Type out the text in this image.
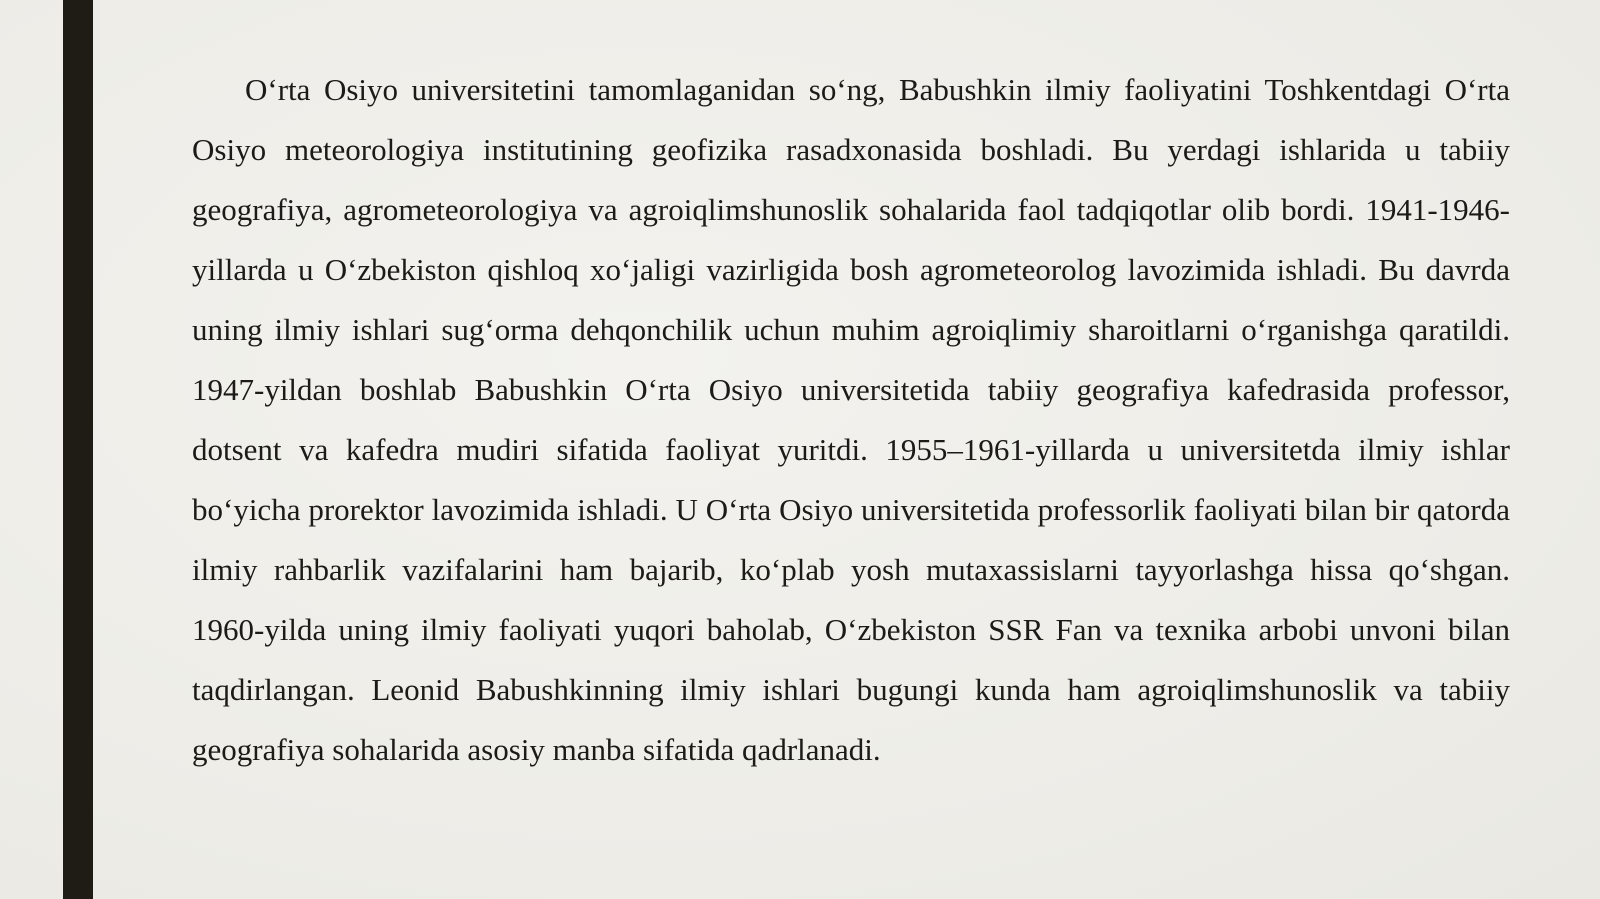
O‘rta Osiyo universitetini tamomlaganidan so‘ng, Babushkin ilmiy faoliyatini Toshkentdagi O‘rta Osiyo meteorologiya institutining geofizika rasadxonasida boshladi. Bu yerdagi ishlarida u tabiiy geografiya, agrometeorologiya va agroiqlimshunoslik sohalarida faol tadqiqotlar olib bordi. 1941-1946-yillarda u O‘zbekiston qishloq xo‘jaligi vazirligida bosh agrometeorolog lavozimida ishladi. Bu davrda uning ilmiy ishlari sug‘orma dehqonchilik uchun muhim agroiqlimiy sharoitlarni o‘rganishga qaratildi. 1947-yildan boshlab Babushkin O‘rta Osiyo universitetida tabiiy geografiya kafedrasida professor, dotsent va kafedra mudiri sifatida faoliyat yuritdi. 1955–1961-yillarda u universitetda ilmiy ishlar bo‘yicha prorektor lavozimida ishladi. U O‘rta Osiyo universitetida professorlik faoliyati bilan bir qatorda ilmiy rahbarlik vazifalarini ham bajarib, ko‘plab yosh mutaxassislarni tayyorlashga hissa qo‘shgan.  1960-yilda uning ilmiy faoliyati yuqori baholab, O‘zbekiston SSR Fan va texnika arbobi unvoni bilan taqdirlangan. Leonid Babushkinning ilmiy ishlari bugungi kunda ham agroiqlimshunoslik va tabiiy geografiya sohalarida asosiy manba sifatida qadrlanadi.
